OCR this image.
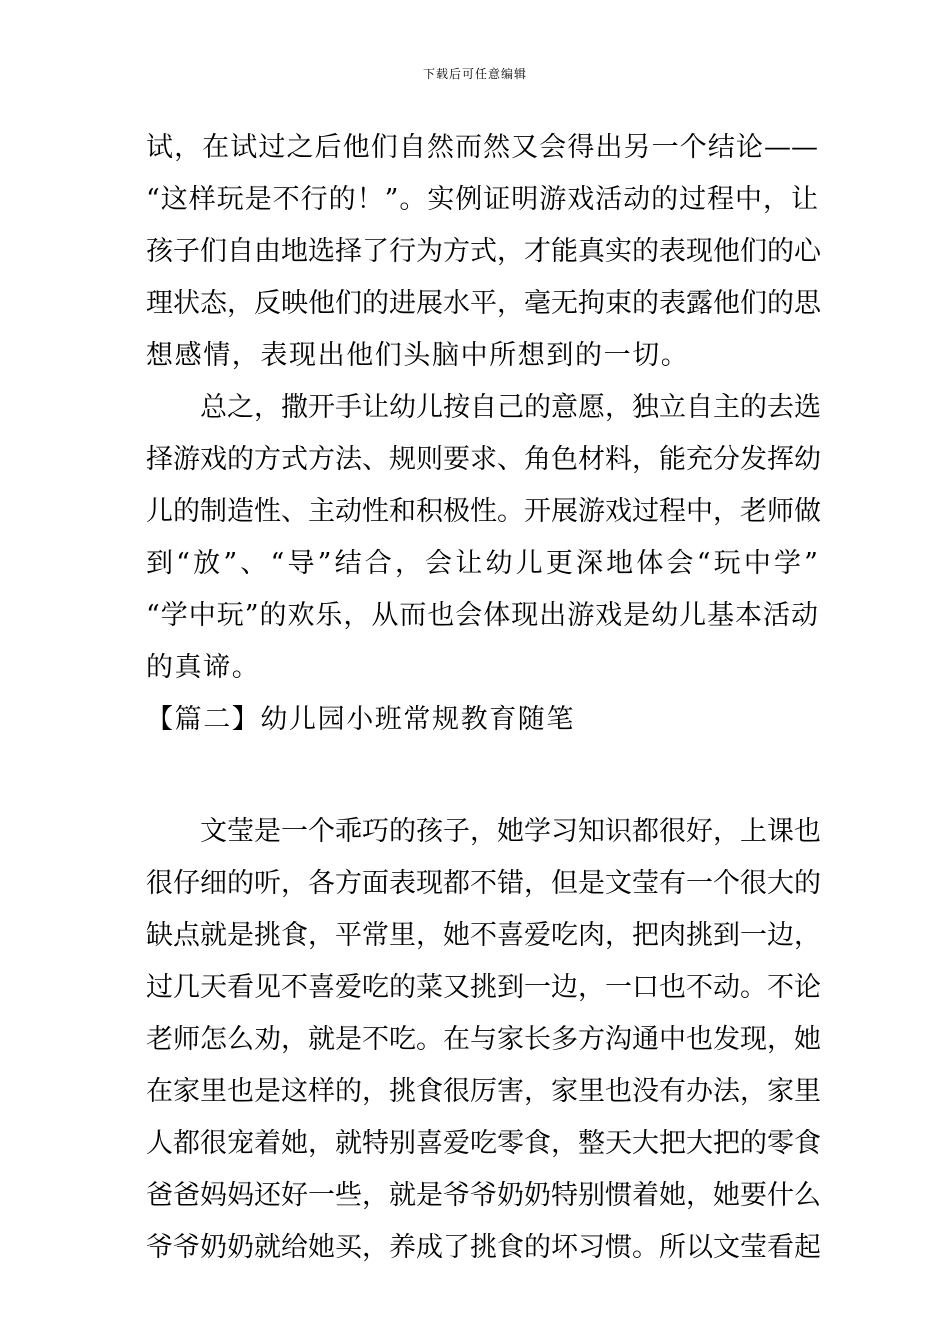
下载后可任意编辑
试，在试过之后他们自然而然又会得出另一个结论——
“这样玩是不行的！”。实例证明游戏活动的过程中，让
孩子们自由地选择了行为方式，才能真实的表现他们的心
理状态，反映他们的进展水平，毫无拘束的表露他们的思
想感情，表现出他们头脑中所想到的一切。
　　总之，撒开手让幼儿按自己的意愿，独立自主的去选
择游戏的方式方法、规则要求、角色材料，能充分发挥幼
儿的制造性、主动性和积极性。开展游戏过程中，老师做
到“放”、“导”结合，会让幼儿更深地体会“玩中学”
“学中玩”的欢乐，从而也会体现出游戏是幼儿基本活动
的真谛。
【篇二】幼儿园小班常规教育随笔
　　文莹是一个乖巧的孩子，她学习知识都很好，上课也
很仔细的听，各方面表现都不错，但是文莹有一个很大的
缺点就是挑食，平常里，她不喜爱吃肉，把肉挑到一边，
过几天看见不喜爱吃的菜又挑到一边，一口也不动。不论
老师怎么劝，就是不吃。在与家长多方沟通中也发现，她
在家里也是这样的，挑食很厉害，家里也没有办法，家里
人都很宠着她，就特别喜爱吃零食，整天大把大把的零食
爸爸妈妈还好一些，就是爷爷奶奶特别惯着她，她要什么
爷爷奶奶就给她买，养成了挑食的坏习惯。所以文莹看起
